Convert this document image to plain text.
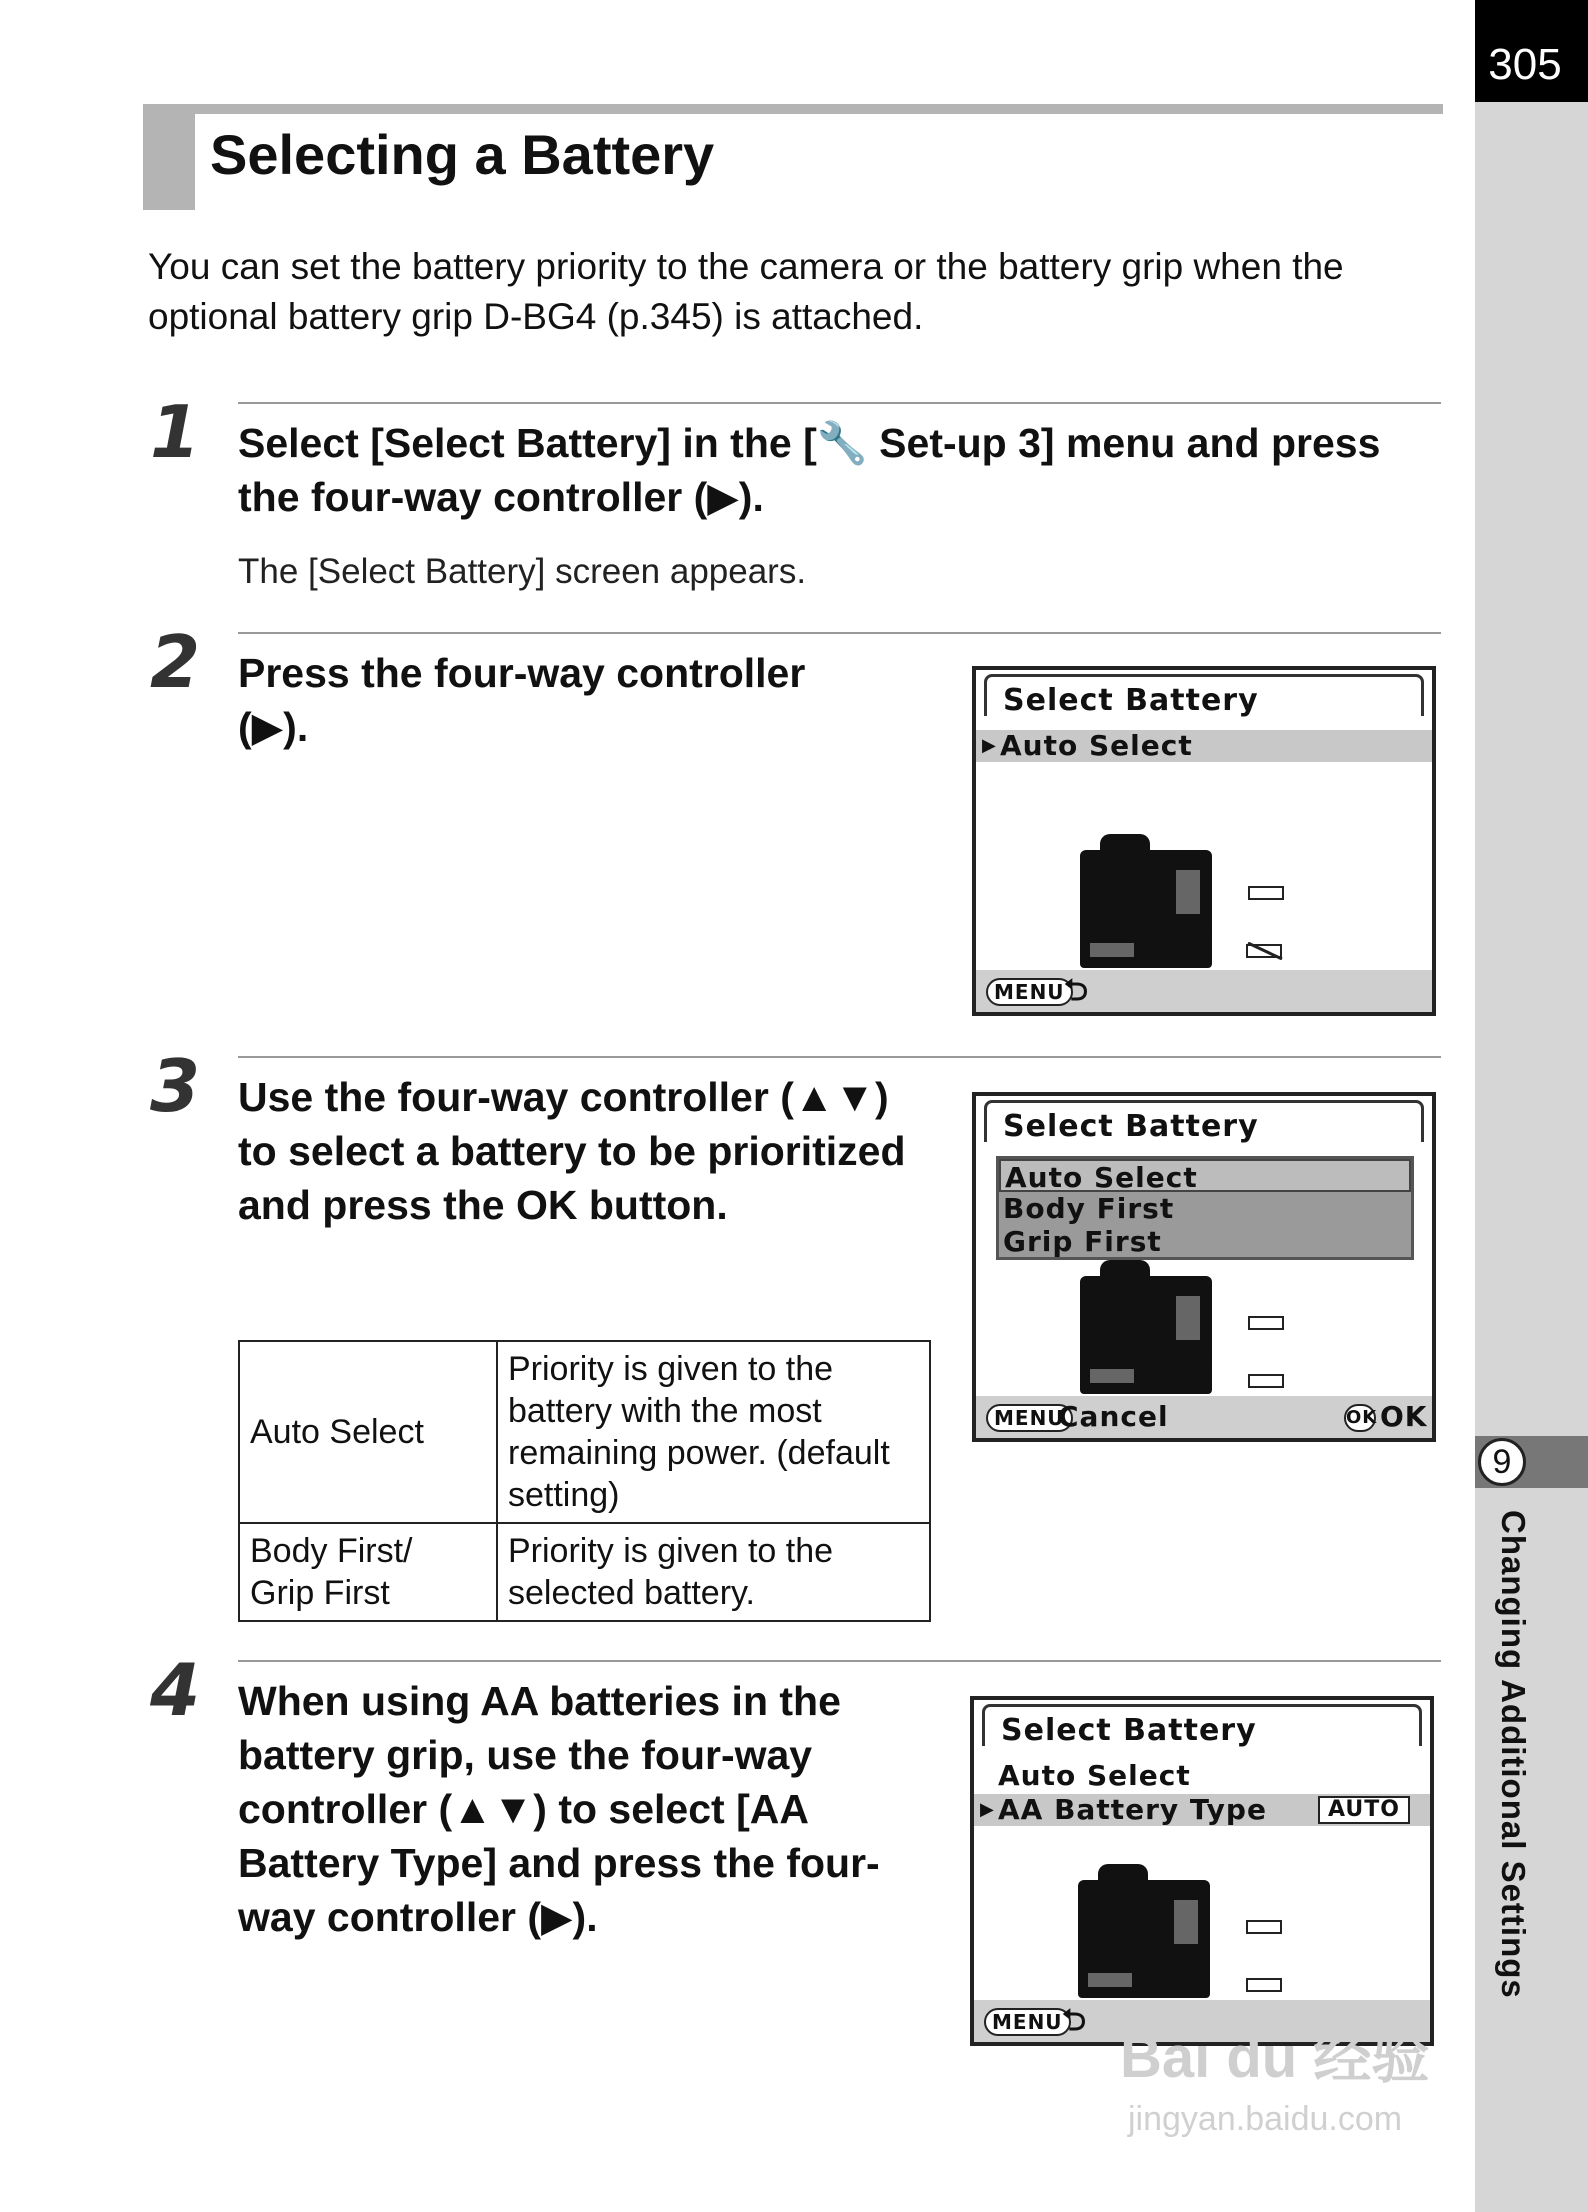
305
9
Changing Additional Settings
Selecting a Battery
You can set the battery priority to the camera or the battery grip when the optional battery grip D-BG4 (p.345) is attached.
1 Select [Select Battery] in the [🔧 Set-up 3] menu and press the four-way controller (▶).
The [Select Battery] screen appears.
2 Press the four-way controller (▶).
Select Battery
▶ Auto Select
MENU ⮌
3 Use the four-way controller (▲▼) to select a battery to be prioritized and press the OK button.
Auto Select	Priority is given to the battery with the most remaining power. (default setting)
Body First/ Grip First	Priority is given to the selected battery.
Select Battery
Auto Select
Body First
Grip First
MENU
Cancel	OK OK
4 When using AA batteries in the battery grip, use the four-way controller (▲▼) to select [AA Battery Type] and press the four-way controller (▶).
Select Battery
Auto Select
▶ AA Battery Type	AUTO
MENU ⮌
Bai du 经验
jingyan.baidu.com
